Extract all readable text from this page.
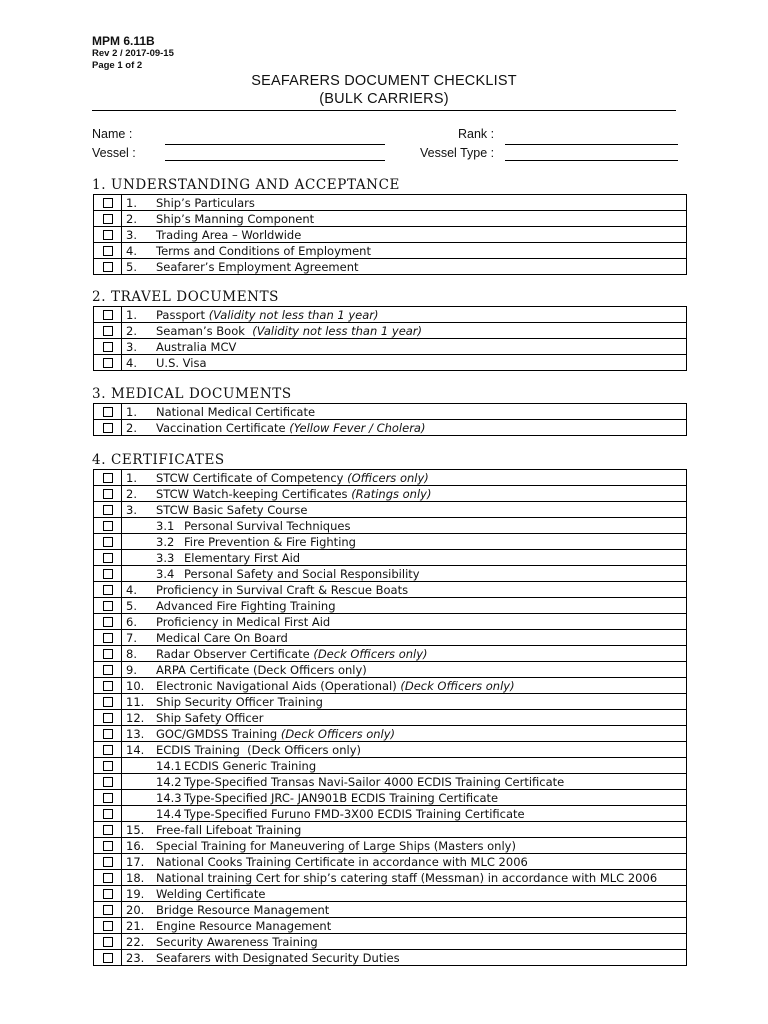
MPM 6.11B
Rev 2 / 2017-09-15
Page 1 of 2
SEAFARERS DOCUMENT CHECKLIST
(BULK CARRIERS)
Name :
Vessel :
Rank :
Vessel Type :
1. UNDERSTANDING AND ACCEPTANCE
	1. Ship’s Particulars
	2. Ship’s Manning Component
	3. Trading Area – Worldwide
	4. Terms and Conditions of Employment
	5. Seafarer’s Employment Agreement
2. TRAVEL DOCUMENTS
	1. Passport (Validity not less than 1 year)
	2. Seaman’s Book  (Validity not less than 1 year)
	3. Australia MCV
	4. U.S. Visa
3. MEDICAL DOCUMENTS
	1. National Medical Certificate
	2. Vaccination Certificate (Yellow Fever / Cholera)
4. CERTIFICATES
	1. STCW Certificate of Competency (Officers only)
	2. STCW Watch-keeping Certificates (Ratings only)
	3. STCW Basic Safety Course
	3.1 Personal Survival Techniques
	3.2 Fire Prevention & Fire Fighting
	3.3 Elementary First Aid
	3.4 Personal Safety and Social Responsibility
	4. Proficiency in Survival Craft & Rescue Boats
	5. Advanced Fire Fighting Training
	6. Proficiency in Medical First Aid
	7. Medical Care On Board
	8. Radar Observer Certificate (Deck Officers only)
	9. ARPA Certificate (Deck Officers only)
	10. Electronic Navigational Aids (Operational) (Deck Officers only)
	11. Ship Security Officer Training
	12. Ship Safety Officer
	13. GOC/GMDSS Training (Deck Officers only)
	14. ECDIS Training  (Deck Officers only)
	14.1 ECDIS Generic Training
	14.2 Type-Specified Transas Navi-Sailor 4000 ECDIS Training Certificate
	14.3 Type-Specified JRC- JAN901B ECDIS Training Certificate
	14.4 Type-Specified Furuno FMD-3X00 ECDIS Training Certificate
	15. Free-fall Lifeboat Training
	16. Special Training for Maneuvering of Large Ships (Masters only)
	17. National Cooks Training Certificate in accordance with MLC 2006
	18. National training Cert for ship’s catering staff (Messman) in accordance with MLC 2006
	19. Welding Certificate
	20. Bridge Resource Management
	21. Engine Resource Management
	22. Security Awareness Training
	23. Seafarers with Designated Security Duties
